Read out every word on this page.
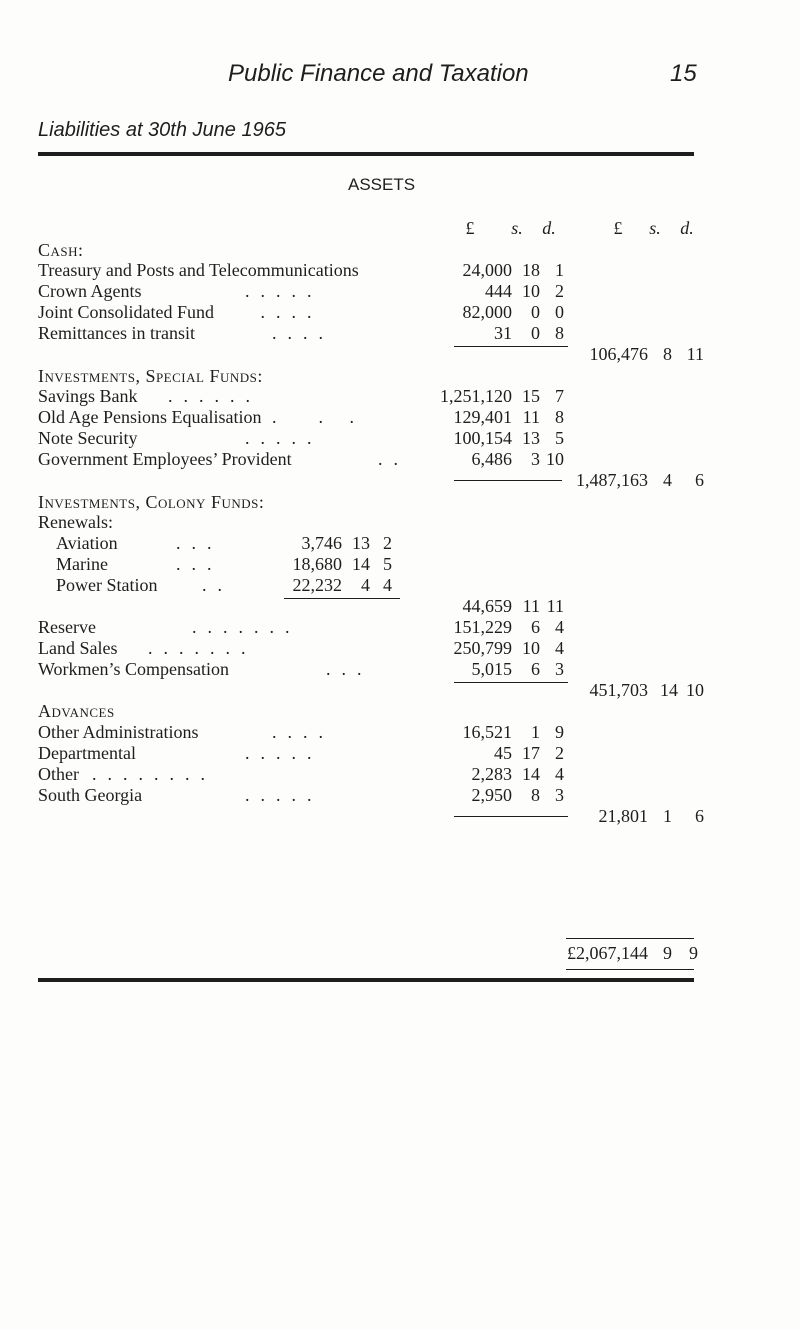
Public Finance and Taxation	15
Liabilities at 30th June 1965
ASSETS
£	s.	d.	£	s.	d.
Cash:
Treasury and Posts and Telecommunications	24,000 18 1
Crown Agents	.....	444 10 2
Joint Consolidated Fund ....	82,000	0 0
Remittances in transit	....	31	0 8
106,476 8 11
Investments, Special Funds:
Savings Bank ......	1,251,120 15 7
Old Age Pensions Equalisation .  . .	129,401 11 8
Note Security	.....	100,154 13 5
Government Employees’ Provident	..	6,486	3 10
1,487,163 4	6
Investments, Colony Funds:
Renewals:
Aviation	...	3,746 13 2
Marine	...	18,680 14 5
Power Station ..	22,232	4 4
44,659 11 11
Reserve	.......	151,229	6 4
Land Sales .......	250,799 10 4
Workmen’s Compensation	...	5,015	6 3
451,703 14 10
Advances
Other Administrations	....	16,521	1 9
Departmental	.....	45 17 2
Other ........	2,283 14 4
South Georgia	.....	2,950	8 3
21,801 1	6
£2,067,144 9 9
